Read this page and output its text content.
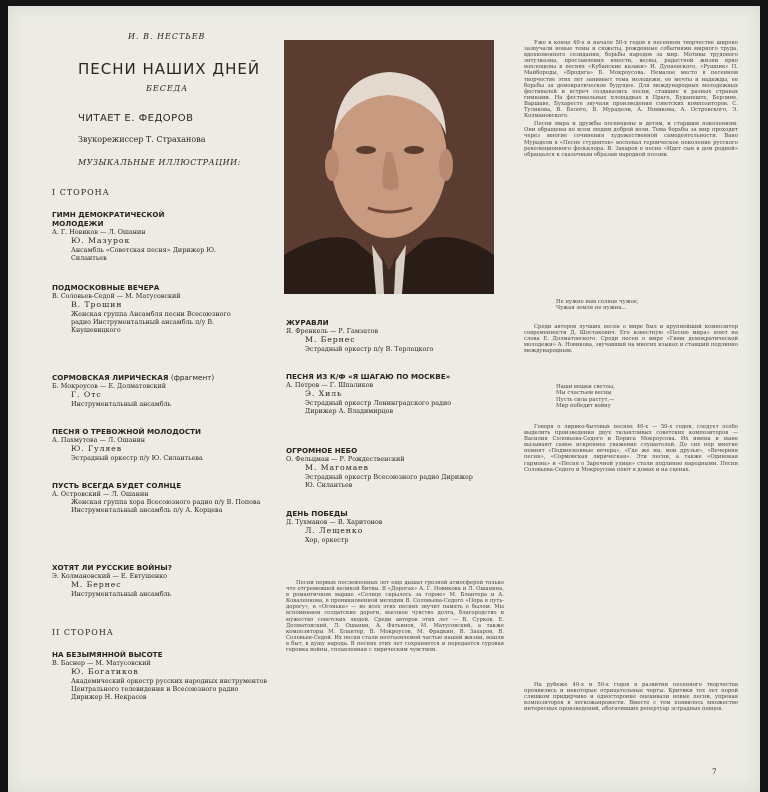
И. В. НЕСТЬЕВ
ПЕСНИ НАШИХ ДНЕЙ
БЕСЕДА
ЧИТАЕТ Е. ФЕДОРОВ
Звукорежиссер Т. Страханова
МУЗЫКАЛЬНЫЕ ИЛЛЮСТРАЦИИ:
I СТОРОНА
ГИМН ДЕМОКРАТИЧЕСКОЙ МОЛОДЕЖИ
А. Г. Новиков — Л. Ошанин
Ю. Мазурок
Ансамбль «Советская песня» Дирижер Ю. Силантьев
ПОДМОСКОВНЫЕ ВЕЧЕРА
В. Соловьев-Седой — М. Матусовский
В. Трошин
Женская группа Ансамбля песни Всесоюзного радио Инструментальный ансамбль п/у В. Кнушевицкого
СОРМОВСКАЯ ЛИРИЧЕСКАЯ (фрагмент)
Б. Мокроусов — Е. Долматовский
Г. Отс
Инструментальный ансамбль
ПЕСНЯ О ТРЕВОЖНОЙ МОЛОДОСТИ
А. Пахмутова — Л. Ошанин
Ю. Гуляев
Эстрадный оркестр п/у Ю. Силантьева
ПУСТЬ ВСЕГДА БУДЕТ СОЛНЦЕ
А. Островский — Л. Ошанин
Женская группа хора Всесоюзного радио п/у В. Попова Инструментальный ансамбль п/у А. Корцева
ХОТЯТ ЛИ РУССКИЕ ВОЙНЫ?
Э. Колмановский — Е. Евтушенко
М. Бернес
Инструментальный ансамбль
II СТОРОНА
НА БЕЗЫМЯННОЙ ВЫСОТЕ
В. Баснер — М. Матусовский
Ю. Богатиков
Академический оркестр русских народных инструментов Центрального телевидения и Всесоюзного радио Дирижер Н. Некрасов
ЖУРАВЛИ
Я. Френкель — Р. Гамзатов
М. Бернес
Эстрадный оркестр п/у В. Терлецкого
ПЕСНЯ ИЗ К/Ф «Я ШАГАЮ ПО МОСКВЕ»
А. Петров — Г. Шпаликов
Э. Хиль
Эстрадный оркестр Ленинградского радио Дирижер А. Владимирцов
ОГРОМНОЕ НЕБО
О. Фельцман — Р. Рождественский
М. Магомаев
Эстрадный оркестр Всесоюзного радио Дирижер Ю. Силантьев
ДЕНЬ ПОБЕДЫ
Д. Тухманов — В. Харитонов
Л. Лещенко
Хор, оркестр

Песни первых послевоенных лет еще дышат грозной атмосферой только что отгремевшей великой битвы. В «Дорогах» А. Г. Новикова и Л. Ошанина, в романтичном марше «Солнце скрылось за горою» М. Блантера и А. Коваленкова, в проникновенной мелодии В. Соловьева-Седого «Пора в путь-дорогу», в «Огоньке» — во всех этих песнях звучит память о былом. Мы вспоминаем солдатские дороги, высокое чувство долга, благородство и мужество советских людей. Среди авторов этих лет — В. Сурков, Е. Долматовский, Л. Ошанин, А. Фатьянов, М. Матусовский, а также композиторы М. Блантер, В. Мокроусов, М. Фрадкин, В. Захаров, В. Соловьев-Седой. Их песни стали неотъемлемой частью нашей жизни, вошли в быт, в душу народа. В песнях этих лет сохраняется и передается суровая героика войны, сплавленная с лирическим чувством.

Уже в конце 40-х и начале 50-х годов в песенном творчестве широко зазвучали новые темы и сюжеты, рожденные событиями мирного труда, вдохновенного созидания, борьбы народов за мир. Мотивы трудового энтузиазма, прославления юности, весны, радостной жизни ярко воплощены в песнях «Кубанские казаки» И. Дунаевского, «Рушник» П. Майбороды, «Бродяга» Б. Мокроусова. Немалое место в песенном творчестве этих лет занимает тема молодежи, ее мечты и надежды, ее борьбы за демократическое будущее. Для международных молодежных фестивалей и встреч создавались песни, ставшие в разных странах гимнами. На фестивальных площадках в Праге, Будапеште, Берлине, Варшаве, Бухаресте звучали произведения советских композиторов. С. Туликова, В. Белого, В. Мурадели, А. Новикова, А. Островского, Э. Колмановского.

Песни мира и дружбы посвящены и детям, и старшим поколениям. Они обращены ко всем людям доброй воли. Тема борьбы за мир проходит через многие сочинения художественной самодеятельности. Вано Мурадели в «Песне студентов» воспевал героическое поколение русского революционного фольклора. В. Захаров в песне «Идет сын в дом родной» обращался к сказочным образам народной поэзии.

Не нужно нам солнце чужое,
Чужая земля не нужна...

Среди авторов лучших песен о мире был и крупнейший композитор современности Д. Шостакович. Его известную «Песню мира» поют на слова Е. Долматовского. Среди песен о мире «Гимн демократической молодежи» А. Новикова, звучавший на многих языках и ставший подлинно международным.

Наши вешки светлы,
Мы счастьем весны
Пусть сила растут,—
Мир победит войну

Говоря о лирико-бытовых песнях 40-х — 50-х годов, следует особо выделить произведения двух талантливых советских композиторов — Василия Соловьева-Седого и Бориса Мокроусова. Их имена и ныне вызывают самое искреннее уважение слушателей. До сих пор многие помнят «Подмосковные вечера», «Где же вы, мои друзья», «Вечерняя песня», «Сормовская лирическая». Эти песни, а также «Одинокая гармонь» и «Песня о Заречной улице» стали подлинно народными. Песни Соловьева-Седого и Мокроусова поют в домах и на сценах.

На рубеже 40-х и 50-х годов в развитии песенного творчества проявились и некоторые отрицательные черты. Критики тех лет порой слишком придирчиво и односторонне оценивали новые песни, упрекая композиторов в легкожанровости. Вместе с тем появилось множество интересных произведений, обогативших репертуар эстрадных певцов.

7
